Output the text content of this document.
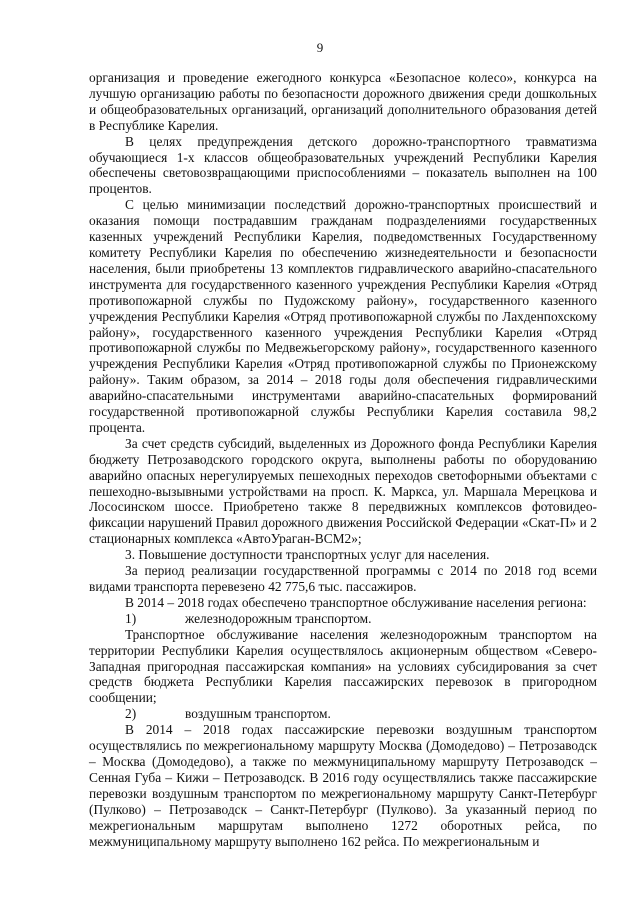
9

организация и проведение ежегодного конкурса «Безопасное колесо», конкурса на лучшую организацию работы по безопасности дорожного движения среди дошкольных и общеобразовательных организаций, организаций дополнительного образования детей в Республике Карелия.

В целях предупреждения детского дорожно-транспортного травматизма обучающиеся 1-х классов общеобразовательных учреждений Республики Карелия обеспечены световозвращающими приспособлениями – показатель выполнен на 100 процентов.

С целью минимизации последствий дорожно-транспортных происшествий и оказания помощи пострадавшим гражданам подразделениями государственных казенных учреждений Республики Карелия, подведомственных Государственному комитету Республики Карелия по обеспечению жизнедеятельности и безопасности населения, были приобретены 13 комплектов гидравлического аварийно-спасательного инструмента для государственного казенного учреждения Республики Карелия «Отряд противопожарной службы по Пудожскому району», государственного казенного учреждения Республики Карелия «Отряд противопожарной службы по Лахденпохскому району», государственного казенного учреждения Республики Карелия «Отряд противопожарной службы по Медвежьегорскому району», государственного казенного учреждения Республики Карелия «Отряд противопожарной службы по Прионежскому району». Таким образом, за 2014 – 2018 годы доля обеспечения гидравлическими аварийно-спасательными инструментами аварийно-спасательных формирований государственной противопожарной службы Республики Карелия составила 98,2 процента.

За счет средств субсидий, выделенных из Дорожного фонда Республики Карелия бюджету Петрозаводского городского округа, выполнены работы по оборудованию аварийно опасных нерегулируемых пешеходных переходов светофорными объектами с пешеходно-вызывными устройствами на просп. К. Маркса, ул. Маршала Мерецкова и Лососинском шоссе. Приобретено также 8 передвижных комплексов фотовидео-фиксации нарушений Правил дорожного движения Российской Федерации «Скат-П» и 2 стационарных комплекса «АвтоУраган-ВСМ2»;

3. Повышение доступности транспортных услуг для населения.

За период реализации государственной программы с 2014 по 2018 год всеми видами транспорта перевезено 42 775,6 тыс. пассажиров.

В 2014 – 2018 годах обеспечено транспортное обслуживание населения региона:

1)	железнодорожным транспортом.

Транспортное обслуживание населения железнодорожным транспортом на территории Республики Карелия осуществлялось акционерным обществом «Северо-Западная пригородная пассажирская компания» на условиях субсидирования за счет средств бюджета Республики Карелия пассажирских перевозок в пригородном сообщении;

2)	воздушным транспортом.

В 2014 – 2018 годах пассажирские перевозки воздушным транспортом осуществлялись по межрегиональному маршруту Москва (Домодедово) – Петрозаводск – Москва (Домодедово), а также по межмуниципальному маршруту Петрозаводск – Сенная Губа – Кижи – Петрозаводск. В 2016 году осуществлялись также пассажирские перевозки воздушным транспортом по межрегиональному маршруту Санкт-Петербург (Пулково) – Петрозаводск – Санкт-Петербург (Пулково). За указанный период по межрегиональным маршрутам выполнено 1272 оборотных рейса, по межмуниципальному маршруту выполнено 162 рейса. По межрегиональным и
